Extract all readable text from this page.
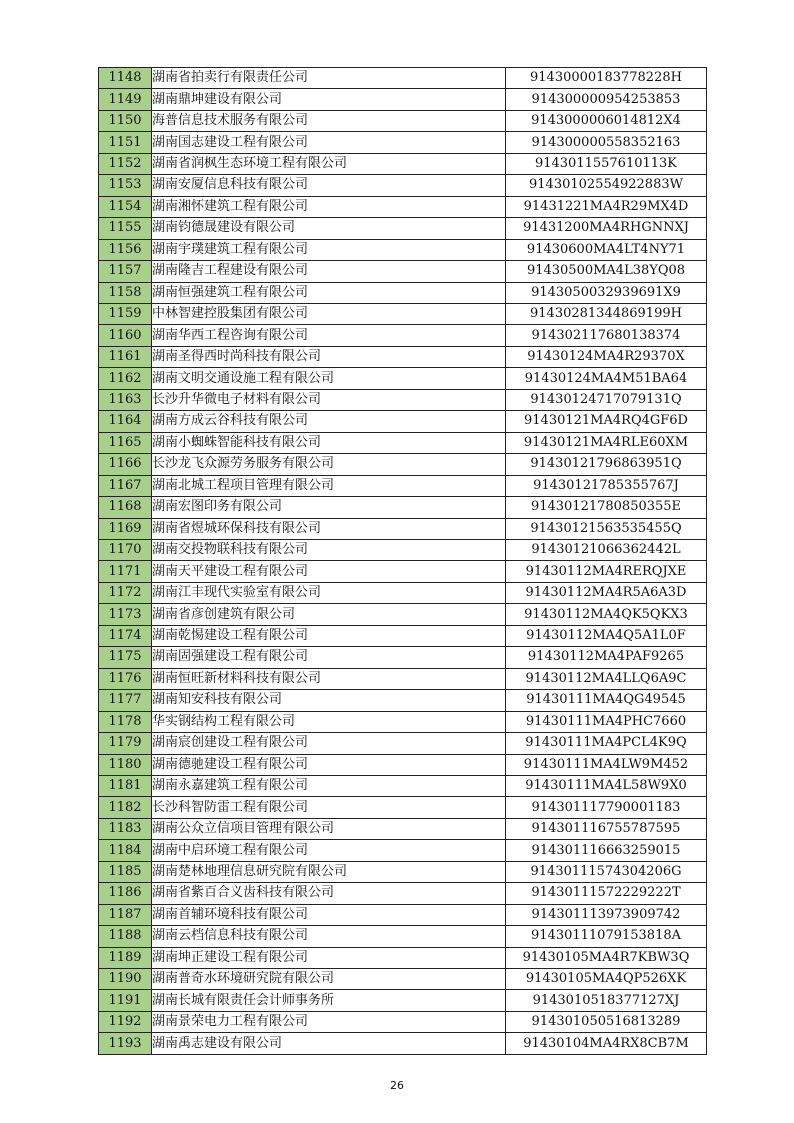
1148	湖南省拍卖行有限责任公司	91430000183778228H
1149	湖南鼎坤建设有限公司	914300000954253853
1150	海普信息技术服务有限公司	9143000006014812X4
1151	湖南国志建设工程有限公司	914300000558352163
1152	湖南省润枫生态环境工程有限公司	9143011557610113K
1153	湖南安厦信息科技有限公司	91430102554922883W
1154	湖南湘怀建筑工程有限公司	91431221MA4R29MX4D
1155	湖南钧德晟建设有限公司	91431200MA4RHGNNXJ
1156	湖南宇璞建筑工程有限公司	91430600MA4LT4NY71
1157	湖南隆吉工程建设有限公司	91430500MA4L38YQ08
1158	湖南恒强建筑工程有限公司	9143050032939691X9
1159	中林智建控股集团有限公司	91430281344869199H
1160	湖南华西工程咨询有限公司	914302117680138374
1161	湖南圣得西时尚科技有限公司	91430124MA4R29370X
1162	湖南文明交通设施工程有限公司	91430124MA4M51BA64
1163	长沙升华微电子材料有限公司	91430124717079131Q
1164	湖南方成云谷科技有限公司	91430121MA4RQ4GF6D
1165	湖南小蜘蛛智能科技有限公司	91430121MA4RLE60XM
1166	长沙龙飞众源劳务服务有限公司	91430121796863951Q
1167	湖南北城工程项目管理有限公司	91430121785355767J
1168	湖南宏图印务有限公司	91430121780850355E
1169	湖南省煜城环保科技有限公司	91430121563535455Q
1170	湖南交投物联科技有限公司	91430121066362442L
1171	湖南天平建设工程有限公司	91430112MA4RERQJXE
1172	湖南江丰现代实验室有限公司	91430112MA4R5A6A3D
1173	湖南省彦创建筑有限公司	91430112MA4QK5QKX3
1174	湖南乾惕建设工程有限公司	91430112MA4Q5A1L0F
1175	湖南固强建设工程有限公司	91430112MA4PAF9265
1176	湖南恒旺新材料科技有限公司	91430112MA4LLQ6A9C
1177	湖南知安科技有限公司	91430111MA4QG49545
1178	华实钢结构工程有限公司	91430111MA4PHC7660
1179	湖南宸创建设工程有限公司	91430111MA4PCL4K9Q
1180	湖南德驰建设工程有限公司	91430111MA4LW9M452
1181	湖南永嘉建筑工程有限公司	91430111MA4L58W9X0
1182	长沙科智防雷工程有限公司	914301117790001183
1183	湖南公众立信项目管理有限公司	914301116755787595
1184	湖南中启环境工程有限公司	914301116663259015
1185	湖南楚林地理信息研究院有限公司	91430111574304206G
1186	湖南省紫百合义齿科技有限公司	91430111572229222T
1187	湖南首辅环境科技有限公司	914301113973909742
1188	湖南云档信息科技有限公司	91430111079153818A
1189	湖南坤正建设工程有限公司	91430105MA4R7KBW3Q
1190	湖南普奇水环境研究院有限公司	91430105MA4QP526XK
1191	湖南长城有限责任会计师事务所	9143010518377127XJ
1192	湖南景荣电力工程有限公司	914301050516813289
1193	湖南禹志建设有限公司	91430104MA4RX8CB7M
26
